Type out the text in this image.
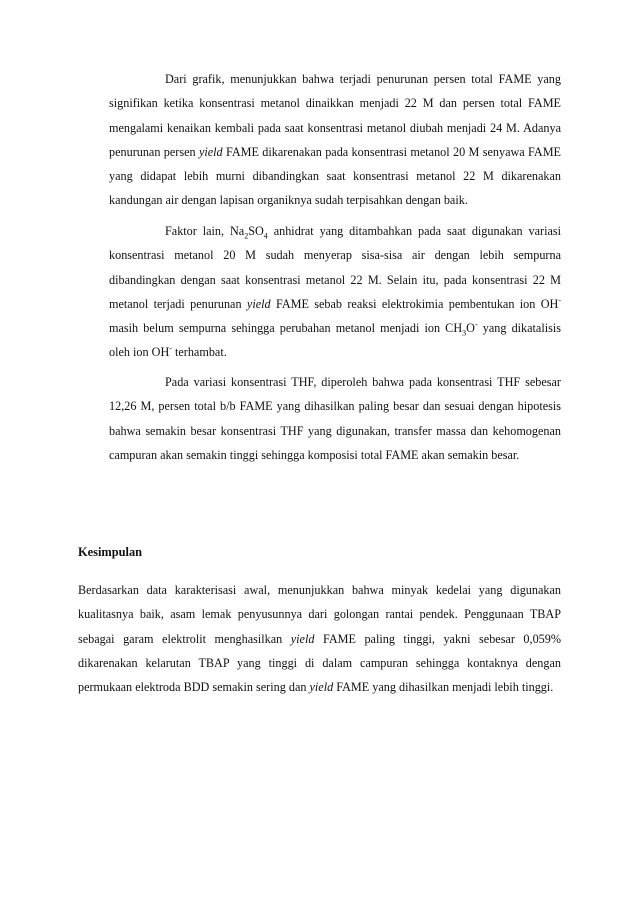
Dari grafik, menunjukkan bahwa terjadi penurunan persen total FAME yang signifikan ketika konsentrasi metanol dinaikkan menjadi 22 M dan persen total FAME mengalami kenaikan kembali pada saat konsentrasi metanol diubah menjadi 24 M. Adanya penurunan persen yield FAME dikarenakan pada konsentrasi metanol 20 M senyawa FAME yang didapat lebih murni dibandingkan saat konsentrasi metanol 22 M dikarenakan kandungan air dengan lapisan organiknya sudah terpisahkan dengan baik.

Faktor lain, $Na_2SO_4$ anhidrat yang ditambahkan pada saat digunakan variasi konsentrasi metanol 20 M sudah menyerap sisa-sisa air dengan lebih sempurna dibandingkan dengan saat konsentrasi metanol 22 M. Selain itu, pada konsentrasi 22 M metanol terjadi penurunan yield FAME sebab reaksi elektrokimia pembentukan ion OH- masih belum sempurna sehingga perubahan metanol menjadi ion $CH_3O^-$ yang dikatalisis oleh ion OH- terhambat.

Pada variasi konsentrasi THF, diperoleh bahwa pada konsentrasi THF sebesar 12,26 M, persen total b/b FAME yang dihasilkan paling besar dan sesuai dengan hipotesis bahwa semakin besar konsentrasi THF yang digunakan, transfer massa dan kehomogenan campuran akan semakin tinggi sehingga komposisi total FAME akan semakin besar.

Kesimpulan

Berdasarkan data karakterisasi awal, menunjukkan bahwa minyak kedelai yang digunakan kualitasnya baik, asam lemak penyusunnya dari golongan rantai pendek. Penggunaan TBAP sebagai garam elektrolit menghasilkan yield FAME paling tinggi, yakni sebesar 0,059% dikarenakan kelarutan TBAP yang tinggi di dalam campuran sehingga kontaknya dengan permukaan elektroda BDD semakin sering dan yield FAME yang dihasilkan menjadi lebih tinggi.
